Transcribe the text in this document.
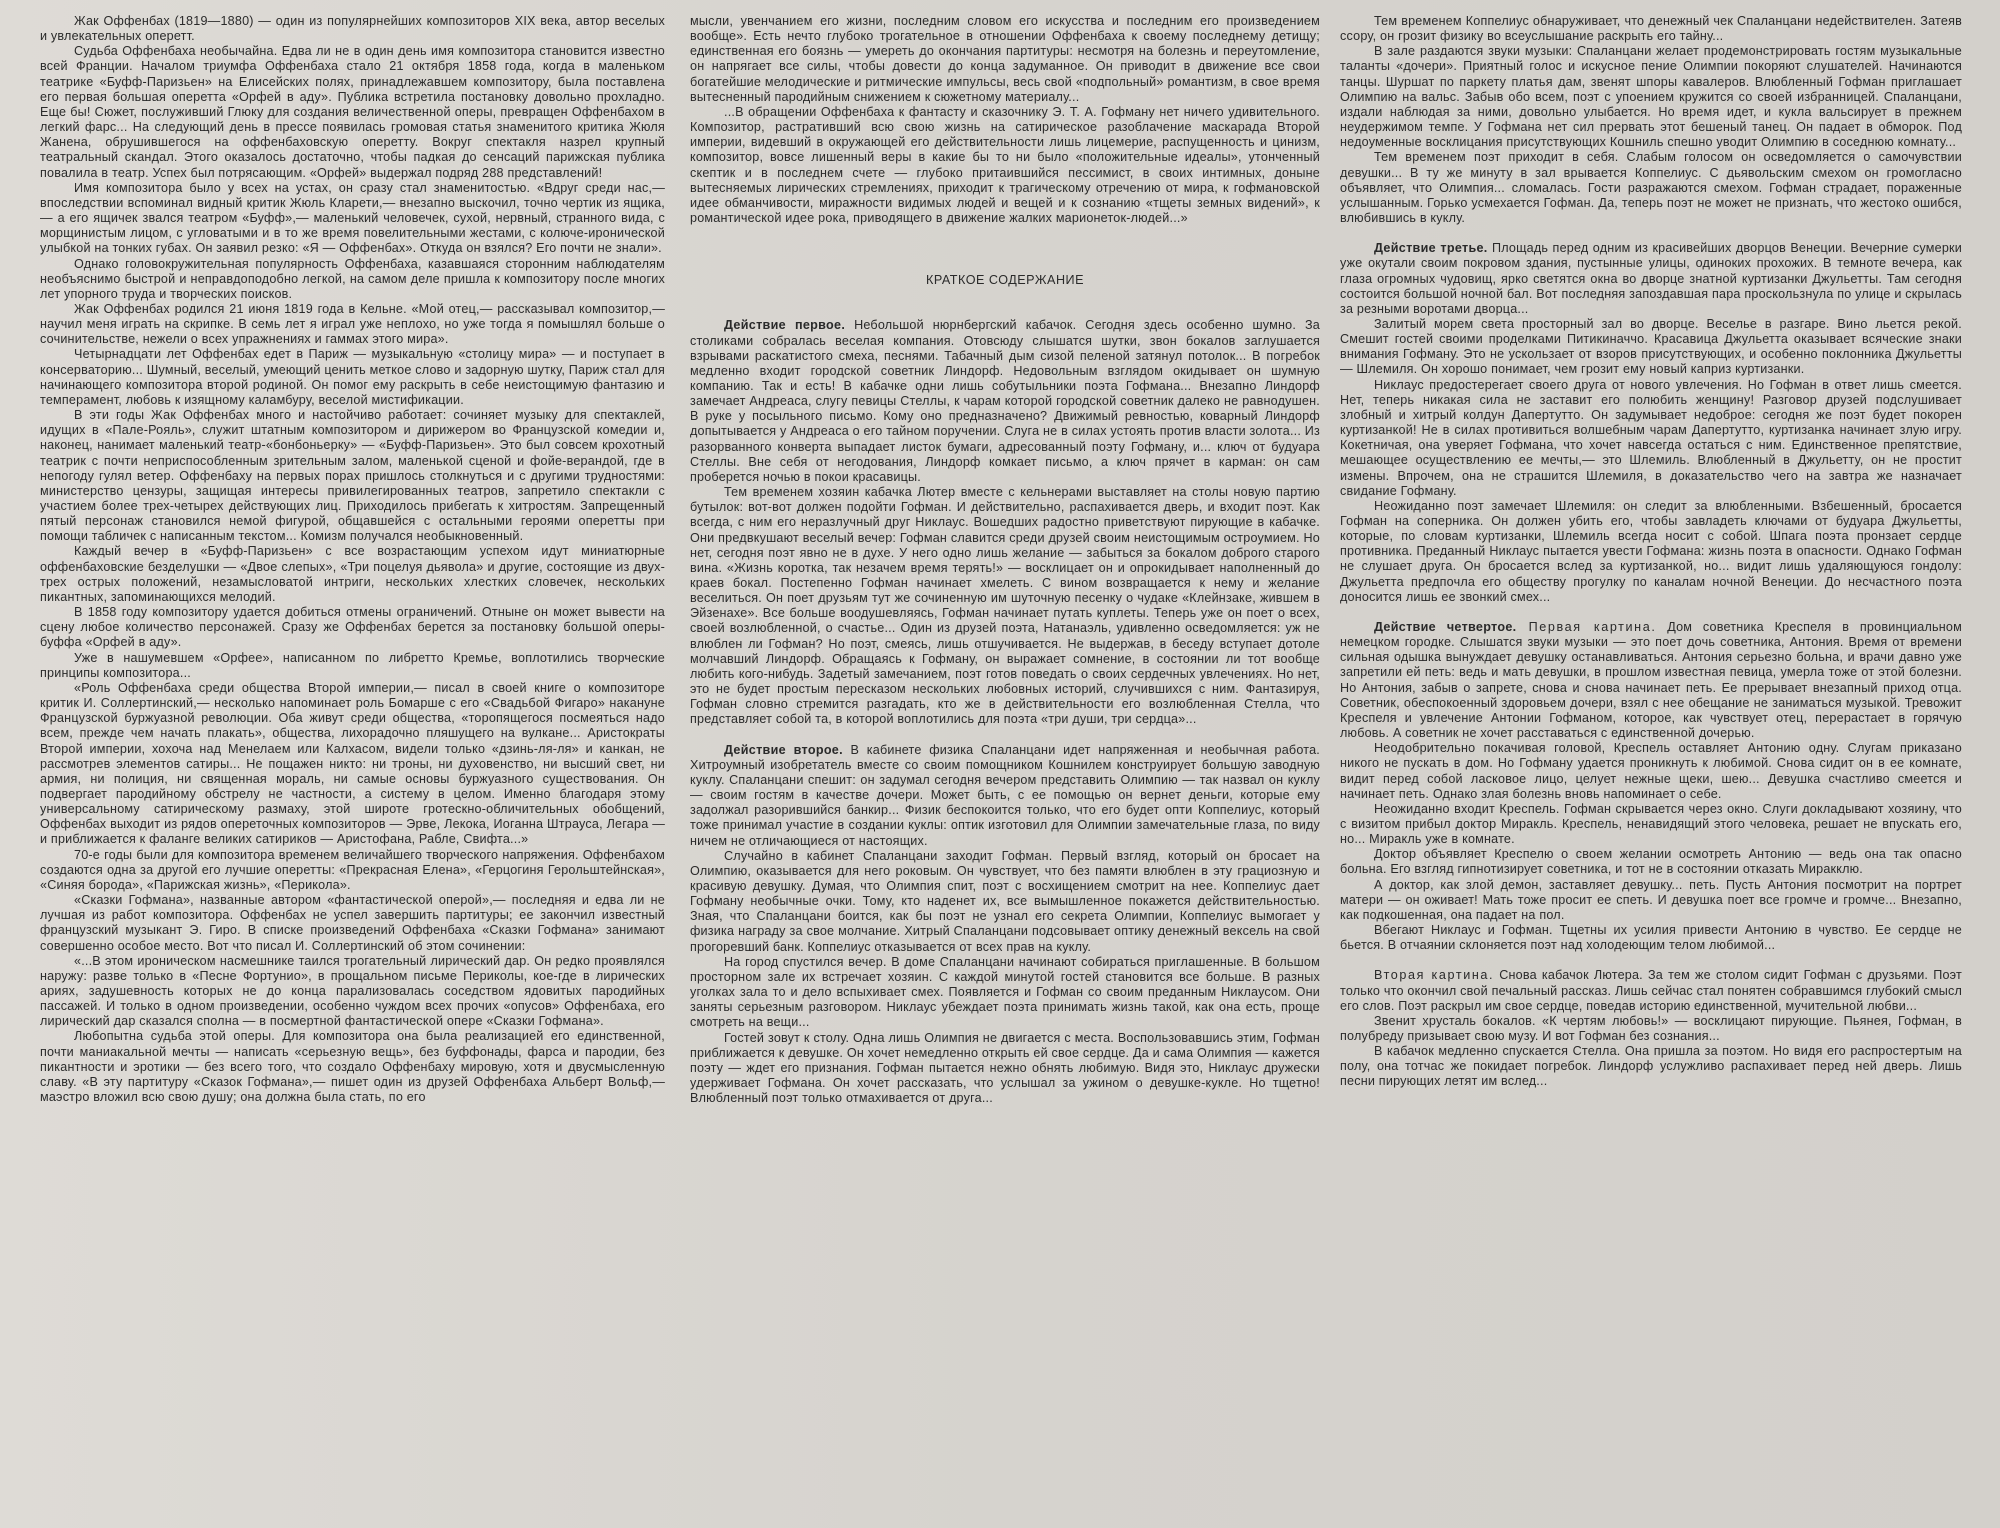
Жак Оффенбах (1819—1880) — один из популярнейших композиторов XIX века, автор веселых и увлекательных оперетт.

Судьба Оффенбаха необычайна. Едва ли не в один день имя композитора становится известно всей Франции. Началом триумфа Оффенбаха стало 21 октября 1858 года, когда в маленьком театрике «Буфф-Паризьен» на Елисейских полях, принадлежавшем композитору, была поставлена его первая большая оперетта «Орфей в аду». Публика встретила постановку довольно прохладно. Еще бы! Сюжет, послуживший Глюку для создания величественной оперы, превращен Оффенбахом в легкий фарс... На следующий день в прессе появилась громовая статья знаменитого критика Жюля Жанена, обрушившегося на оффенбаховскую оперетту. Вокруг спектакля назрел крупный театральный скандал. Этого оказалось достаточно, чтобы падкая до сенсаций парижская публика повалила в театр. Успех был потрясающим. «Орфей» выдержал подряд 288 представлений!

Имя композитора было у всех на устах, он сразу стал знаменитостью. «Вдруг среди нас,— впоследствии вспоминал видный критик Жюль Кларети,— внезапно выскочил, точно чертик из ящика,— а его ящичек звался театром «Буфф»,— маленький человечек, сухой, нервный, странного вида, с морщинистым лицом, с угловатыми и в то же время повелительными жестами, с колюче-иронической улыбкой на тонких губах. Он заявил резко: «Я — Оффенбах». Откуда он взялся? Его почти не знали».

Однако головокружительная популярность Оффенбаха, казавшаяся сторонним наблюдателям необъяснимо быстрой и неправдоподобно легкой, на самом деле пришла к композитору после многих лет упорного труда и творческих поисков.

Жак Оффенбах родился 21 июня 1819 года в Кельне. «Мой отец,— рассказывал композитор,— научил меня играть на скрипке. В семь лет я играл уже неплохо, но уже тогда я помышлял больше о сочинительстве, нежели о всех упражнениях и гаммах этого мира».

Четырнадцати лет Оффенбах едет в Париж — музыкальную «столицу мира» — и поступает в консерваторию... Шумный, веселый, умеющий ценить меткое слово и задорную шутку, Париж стал для начинающего композитора второй родиной. Он помог ему раскрыть в себе неистощимую фантазию и темперамент, любовь к изящному каламбуру, веселой мистификации.

В эти годы Жак Оффенбах много и настойчиво работает: сочиняет музыку для спектаклей, идущих в «Пале-Рояль», служит штатным композитором и дирижером во Французской комедии и, наконец, нанимает маленький театр-«бонбоньерку» — «Буфф-Паризьен». Это был совсем крохотный театрик с почти неприспособленным зрительным залом, маленькой сценой и фойе-верандой, где в непогоду гулял ветер. Оффенбаху на первых порах пришлось столкнуться и с другими трудностями: министерство цензуры, защищая интересы привилегированных театров, запретило спектакли с участием более трех-четырех действующих лиц. Приходилось прибегать к хитростям. Запрещенный пятый персонаж становился немой фигурой, общавшейся с остальными героями оперетты при помощи табличек с написанным текстом... Комизм получался необыкновенный.

Каждый вечер в «Буфф-Паризьен» с все возрастающим успехом идут миниатюрные оффенбаховские безделушки — «Двое слепых», «Три поцелуя дьявола» и другие, состоящие из двух-трех острых положений, незамысловатой интриги, нескольких хлестких словечек, нескольких пикантных, запоминающихся мелодий.

В 1858 году композитору удается добиться отмены ограничений. Отныне он может вывести на сцену любое количество персонажей. Сразу же Оффенбах берется за постановку большой оперы-буффа «Орфей в аду».

Уже в нашумевшем «Орфее», написанном по либретто Кремье, воплотились творческие принципы композитора...

«Роль Оффенбаха среди общества Второй империи,— писал в своей книге о композиторе критик И. Соллертинский,— несколько напоминает роль Бомарше с его «Свадьбой Фигаро» накануне Французской буржуазной революции. Оба живут среди общества, «торопящегося посмеяться надо всем, прежде чем начать плакать», общества, лихорадочно пляшущего на вулкане... Аристократы Второй империи, хохоча над Менелаем или Калхасом, видели только «дзинь-ля-ля» и канкан, не рассмотрев элементов сатиры... Не пощажен никто: ни троны, ни духовенство, ни высший свет, ни армия, ни полиция, ни священная мораль, ни самые основы буржуазного существования. Он подвергает пародийному обстрелу не частности, а систему в целом. Именно благодаря этому универсальному сатирическому размаху, этой широте гротескно-обличительных обобщений, Оффенбах выходит из рядов опереточных композиторов — Эрве, Лекока, Иоганна Штрауса, Легара — и приближается к фаланге великих сатириков — Аристофана, Рабле, Свифта...»

70-е годы были для композитора временем величайшего творческого напряжения. Оффенбахом создаются одна за другой его лучшие оперетты: «Прекрасная Елена», «Герцогиня Герольштейнская», «Синяя борода», «Парижская жизнь», «Перикола».

«Сказки Гофмана», названные автором «фантастической оперой»,— последняя и едва ли не лучшая из работ композитора. Оффенбах не успел завершить партитуры; ее закончил известный французский музыкант Э. Гиро. В списке произведений Оффенбаха «Сказки Гофмана» занимают совершенно особое место. Вот что писал И. Соллертинский об этом сочинении:

«...В этом ироническом насмешнике таился трогательный лирический дар. Он редко проявлялся наружу: разве только в «Песне Фортунио», в прощальном письме Периколы, кое-где в лирических ариях, задушевность которых не до конца парализовалась соседством ядовитых пародийных пассажей. И только в одном произведении, особенно чуждом всех прочих «опусов» Оффенбаха, его лирический дар сказался сполна — в посмертной фантастической опере «Сказки Гофмана».

Любопытна судьба этой оперы. Для композитора она была реализацией его единственной, почти маниакальной мечты — написать «серьезную вещь», без буффонады, фарса и пародии, без пикантности и эротики — без всего того, что создало Оффенбаху мировую, хотя и двусмысленную славу. «В эту партитуру «Сказок Гофмана»,— пишет один из друзей Оффенбаха Альберт Вольф,— маэстро вложил всю свою душу; она должна была стать, по его

мысли, увенчанием его жизни, последним словом его искусства и последним его произведением вообще». Есть нечто глубоко трогательное в отношении Оффенбаха к своему последнему детищу; единственная его боязнь — умереть до окончания партитуры: несмотря на болезнь и переутомление, он напрягает все силы, чтобы довести до конца задуманное. Он приводит в движение все свои богатейшие мелодические и ритмические импульсы, весь свой «подпольный» романтизм, в свое время вытесненный пародийным снижением к сюжетному материалу...

...В обращении Оффенбаха к фантасту и сказочнику Э. Т. А. Гофману нет ничего удивительного. Композитор, растративший всю свою жизнь на сатирическое разоблачение маскарада Второй империи, видевший в окружающей его действительности лишь лицемерие, распущенность и цинизм, композитор, вовсе лишенный веры в какие бы то ни было «положительные идеалы», утонченный скептик и в последнем счете — глубоко притаившийся пессимист, в своих интимных, доныне вытесняемых лирических стремлениях, приходит к трагическому отречению от мира, к гофмановской идее обманчивости, миражности видимых людей и вещей и к сознанию «тщеты земных видений», к романтической идее рока, приводящего в движение жалких марионеток-людей...»

КРАТКОЕ СОДЕРЖАНИЕ

Действие первое. Небольшой нюрнбергский кабачок. Сегодня здесь особенно шумно. За столиками собралась веселая компания. Отовсюду слышатся шутки, звон бокалов заглушается взрывами раскатистого смеха, песнями. Табачный дым сизой пеленой затянул потолок... В погребок медленно входит городской советник Линдорф. Недовольным взглядом окидывает он шумную компанию. Так и есть! В кабачке одни лишь собутыльники поэта Гофмана... Внезапно Линдорф замечает Андреаса, слугу певицы Стеллы, к чарам которой городской советник далеко не равнодушен. В руке у посыльного письмо. Кому оно предназначено? Движимый ревностью, коварный Линдорф допытывается у Андреаса о его тайном поручении. Слуга не в силах устоять против власти золота... Из разорванного конверта выпадает листок бумаги, адресованный поэту Гофману, и... ключ от будуара Стеллы. Вне себя от негодования, Линдорф комкает письмо, а ключ прячет в карман: он сам проберется ночью в покои красавицы.

Тем временем хозяин кабачка Лютер вместе с кельнерами выставляет на столы новую партию бутылок: вот-вот должен подойти Гофман. И действительно, распахивается дверь, и входит поэт. Как всегда, с ним его неразлучный друг Никлаус. Вошедших радостно приветствуют пирующие в кабачке. Они предвкушают веселый вечер: Гофман славится среди друзей своим неистощимым остроумием. Но нет, сегодня поэт явно не в духе. У него одно лишь желание — забыться за бокалом доброго старого вина. «Жизнь коротка, так незачем время терять!» — восклицает он и опрокидывает наполненный до краев бокал. Постепенно Гофман начинает хмелеть. С вином возвращается к нему и желание веселиться. Он поет друзьям тут же сочиненную им шуточную песенку о чудаке «Клейнзаке, жившем в Эйзенахе». Все больше воодушевляясь, Гофман начинает путать куплеты. Теперь уже он поет о всех, своей возлюбленной, о счастье... Один из друзей поэта, Натанаэль, удивленно осведомляется: уж не влюблен ли Гофман? Но поэт, смеясь, лишь отшучивается. Не выдержав, в беседу вступает дотоле молчавший Линдорф. Обращаясь к Гофману, он выражает сомнение, в состоянии ли тот вообще любить кого-нибудь. Задетый замечанием, поэт готов поведать о своих сердечных увлечениях. Но нет, это не будет простым пересказом нескольких любовных историй, случившихся с ним. Фантазируя, Гофман словно стремится разгадать, кто же в действительности его возлюбленная Стелла, что представляет собой та, в которой воплотились для поэта «три души, три сердца»...

Действие второе. В кабинете физика Спаланцани идет напряженная и необычная работа. Хитроумный изобретатель вместе со своим помощником Кошнилем конструирует большую заводную куклу. Спаланцани спешит: он задумал сегодня вечером представить Олимпию — так назвал он куклу — своим гостям в качестве дочери. Может быть, с ее помощью он вернет деньги, которые ему задолжал разорившийся банкир... Физик беспокоится только, что его будет опти Коппелиус, который тоже принимал участие в создании куклы: оптик изготовил для Олимпии замечательные глаза, по виду ничем не отличающиеся от настоящих.

Случайно в кабинет Спаланцани заходит Гофман. Первый взгляд, который он бросает на Олимпию, оказывается для него роковым. Он чувствует, что без памяти влюблен в эту грациозную и красивую девушку. Думая, что Олимпия спит, поэт с восхищением смотрит на нее. Коппелиус дает Гофману необычные очки. Тому, кто наденет их, все вымышленное покажется действительностью. Зная, что Спаланцани боится, как бы поэт не узнал его секрета Олимпии, Коппелиус вымогает у физика награду за свое молчание. Хитрый Спаланцани подсовывает оптику денежный вексель на свой прогоревший банк. Коппелиус отказывается от всех прав на куклу.

На город спустился вечер. В доме Спаланцани начинают собираться приглашенные. В большом просторном зале их встречает хозяин. С каждой минутой гостей становится все больше. В разных уголках зала то и дело вспыхивает смех. Появляется и Гофман со своим преданным Никлаусом. Они заняты серьезным разговором. Никлаус убеждает поэта принимать жизнь такой, как она есть, проще смотреть на вещи...

Гостей зовут к столу. Одна лишь Олимпия не двигается с места. Воспользовавшись этим, Гофман приближается к девушке. Он хочет немедленно открыть ей свое сердце. Да и сама Олимпия — кажется поэту — ждет его признания. Гофман пытается нежно обнять любимую. Видя это, Никлаус дружески удерживает Гофмана. Он хочет рассказать, что услышал за ужином о девушке-кукле. Но тщетно! Влюбленный поэт только отмахивается от друга...

Тем временем Коппелиус обнаруживает, что денежный чек Спаланцани недействителен. Затеяв ссору, он грозит физику во всеуслышание раскрыть его тайну...

В зале раздаются звуки музыки: Спаланцани желает продемонстрировать гостям музыкальные таланты «дочери». Приятный голос и искусное пение Олимпии покоряют слушателей. Начинаются танцы. Шуршат по паркету платья дам, звенят шпоры кавалеров. Влюбленный Гофман приглашает Олимпию на вальс. Забыв обо всем, поэт с упоением кружится со своей избранницей. Спаланцани, издали наблюдая за ними, довольно улыбается. Но время идет, и кукла вальсирует в прежнем неудержимом темпе. У Гофмана нет сил прервать этот бешеный танец. Он падает в обморок. Под недоуменные восклицания присутствующих Кошниль спешно уводит Олимпию в соседнюю комнату...

Тем временем поэт приходит в себя. Слабым голосом он осведомляется о самочувствии девушки... В ту же минуту в зал врывается Коппелиус. С дьявольским смехом он громогласно объявляет, что Олимпия... сломалась. Гости разражаются смехом. Гофман страдает, пораженные услышанным. Горько усмехается Гофман. Да, теперь поэт не может не признать, что жестоко ошибся, влюбившись в куклу.

Действие третье. Площадь перед одним из красивейших дворцов Венеции. Вечерние сумерки уже окутали своим покровом здания, пустынные улицы, одиноких прохожих. В темноте вечера, как глаза огромных чудовищ, ярко светятся окна во дворце знатной куртизанки Джульетты. Там сегодня состоится большой ночной бал. Вот последняя запоздавшая пара проскользнула по улице и скрылась за резными воротами дворца...

Залитый морем света просторный зал во дворце. Веселье в разгаре. Вино льется рекой. Смешит гостей своими проделками Питикиначчо. Красавица Джульетта оказывает всяческие знаки внимания Гофману. Это не ускользает от взоров присутствующих, и особенно поклонника Джульетты — Шлемиля. Он хорошо понимает, чем грозит ему новый каприз куртизанки.

Никлаус предостерегает своего друга от нового увлечения. Но Гофман в ответ лишь смеется. Нет, теперь никакая сила не заставит его полюбить женщину! Разговор друзей подслушивает злобный и хитрый колдун Дапертутто. Он задумывает недоброе: сегодня же поэт будет покорен куртизанкой! Не в силах противиться волшебным чарам Дапертутто, куртизанка начинает злую игру. Кокетничая, она уверяет Гофмана, что хочет навсегда остаться с ним. Единственное препятствие, мешающее осуществлению ее мечты,— это Шлемиль. Влюбленный в Джульетту, он не простит измены. Впрочем, она не страшится Шлемиля, в доказательство чего на завтра же назначает свидание Гофману.

Неожиданно поэт замечает Шлемиля: он следит за влюбленными. Взбешенный, бросается Гофман на соперника. Он должен убить его, чтобы завладеть ключами от будуара Джульетты, которые, по словам куртизанки, Шлемиль всегда носит с собой. Шпага поэта пронзает сердце противника. Преданный Никлаус пытается увести Гофмана: жизнь поэта в опасности. Однако Гофман не слушает друга. Он бросается вслед за куртизанкой, но... видит лишь удаляющуюся гондолу: Джульетта предпочла его обществу прогулку по каналам ночной Венеции. До несчастного поэта доносится лишь ее звонкий смех...

Действие четвертое. Первая картина. Дом советника Креспеля в провинциальном немецком городке. Слышатся звуки музыки — это поет дочь советника, Антония. Время от времени сильная одышка вынуждает девушку останавливаться. Антония серьезно больна, и врачи давно уже запретили ей петь: ведь и мать девушки, в прошлом известная певица, умерла тоже от этой болезни. Но Антония, забыв о запрете, снова и снова начинает петь. Ее прерывает внезапный приход отца. Советник, обеспокоенный здоровьем дочери, взял с нее обещание не заниматься музыкой. Тревожит Креспеля и увлечение Антонии Гофманом, которое, как чувствует отец, перерастает в горячую любовь. А советник не хочет расставаться с единственной дочерью.

Неодобрительно покачивая головой, Креспель оставляет Антонию одну. Слугам приказано никого не пускать в дом. Но Гофману удается проникнуть к любимой. Снова сидит он в ее комнате, видит перед собой ласковое лицо, целует нежные щеки, шею... Девушка счастливо смеется и начинает петь. Однако злая болезнь вновь напоминает о себе.

Неожиданно входит Креспель. Гофман скрывается через окно. Слуги докладывают хозяину, что с визитом прибыл доктор Миракль. Креспель, ненавидящий этого человека, решает не впускать его, но... Миракль уже в комнате.

Доктор объявляет Креспелю о своем желании осмотреть Антонию — ведь она так опасно больна. Его взгляд гипнотизирует советника, и тот не в состоянии отказать Миракклю.

А доктор, как злой демон, заставляет девушку... петь. Пусть Антония посмотрит на портрет матери — он оживает! Мать тоже просит ее спеть. И девушка поет все громче и громче... Внезапно, как подкошенная, она падает на пол.

Вбегают Никлаус и Гофман. Тщетны их усилия привести Антонию в чувство. Ее сердце не бьется. В отчаянии склоняется поэт над холодеющим телом любимой...

Вторая картина. Снова кабачок Лютера. За тем же столом сидит Гофман с друзьями. Поэт только что окончил свой печальный рассказ. Лишь сейчас стал понятен собравшимся глубокий смысл его слов. Поэт раскрыл им свое сердце, поведав историю единственной, мучительной любви...

Звенит хрусталь бокалов. «К чертям любовь!» — восклицают пирующие. Пьянея, Гофман, в полубреду призывает свою музу. И вот Гофман без сознания...

В кабачок медленно спускается Стелла. Она пришла за поэтом. Но видя его распростертым на полу, она тотчас же покидает погребок. Линдорф услужливо распахивает перед ней дверь. Лишь песни пирующих летят им вслед...
